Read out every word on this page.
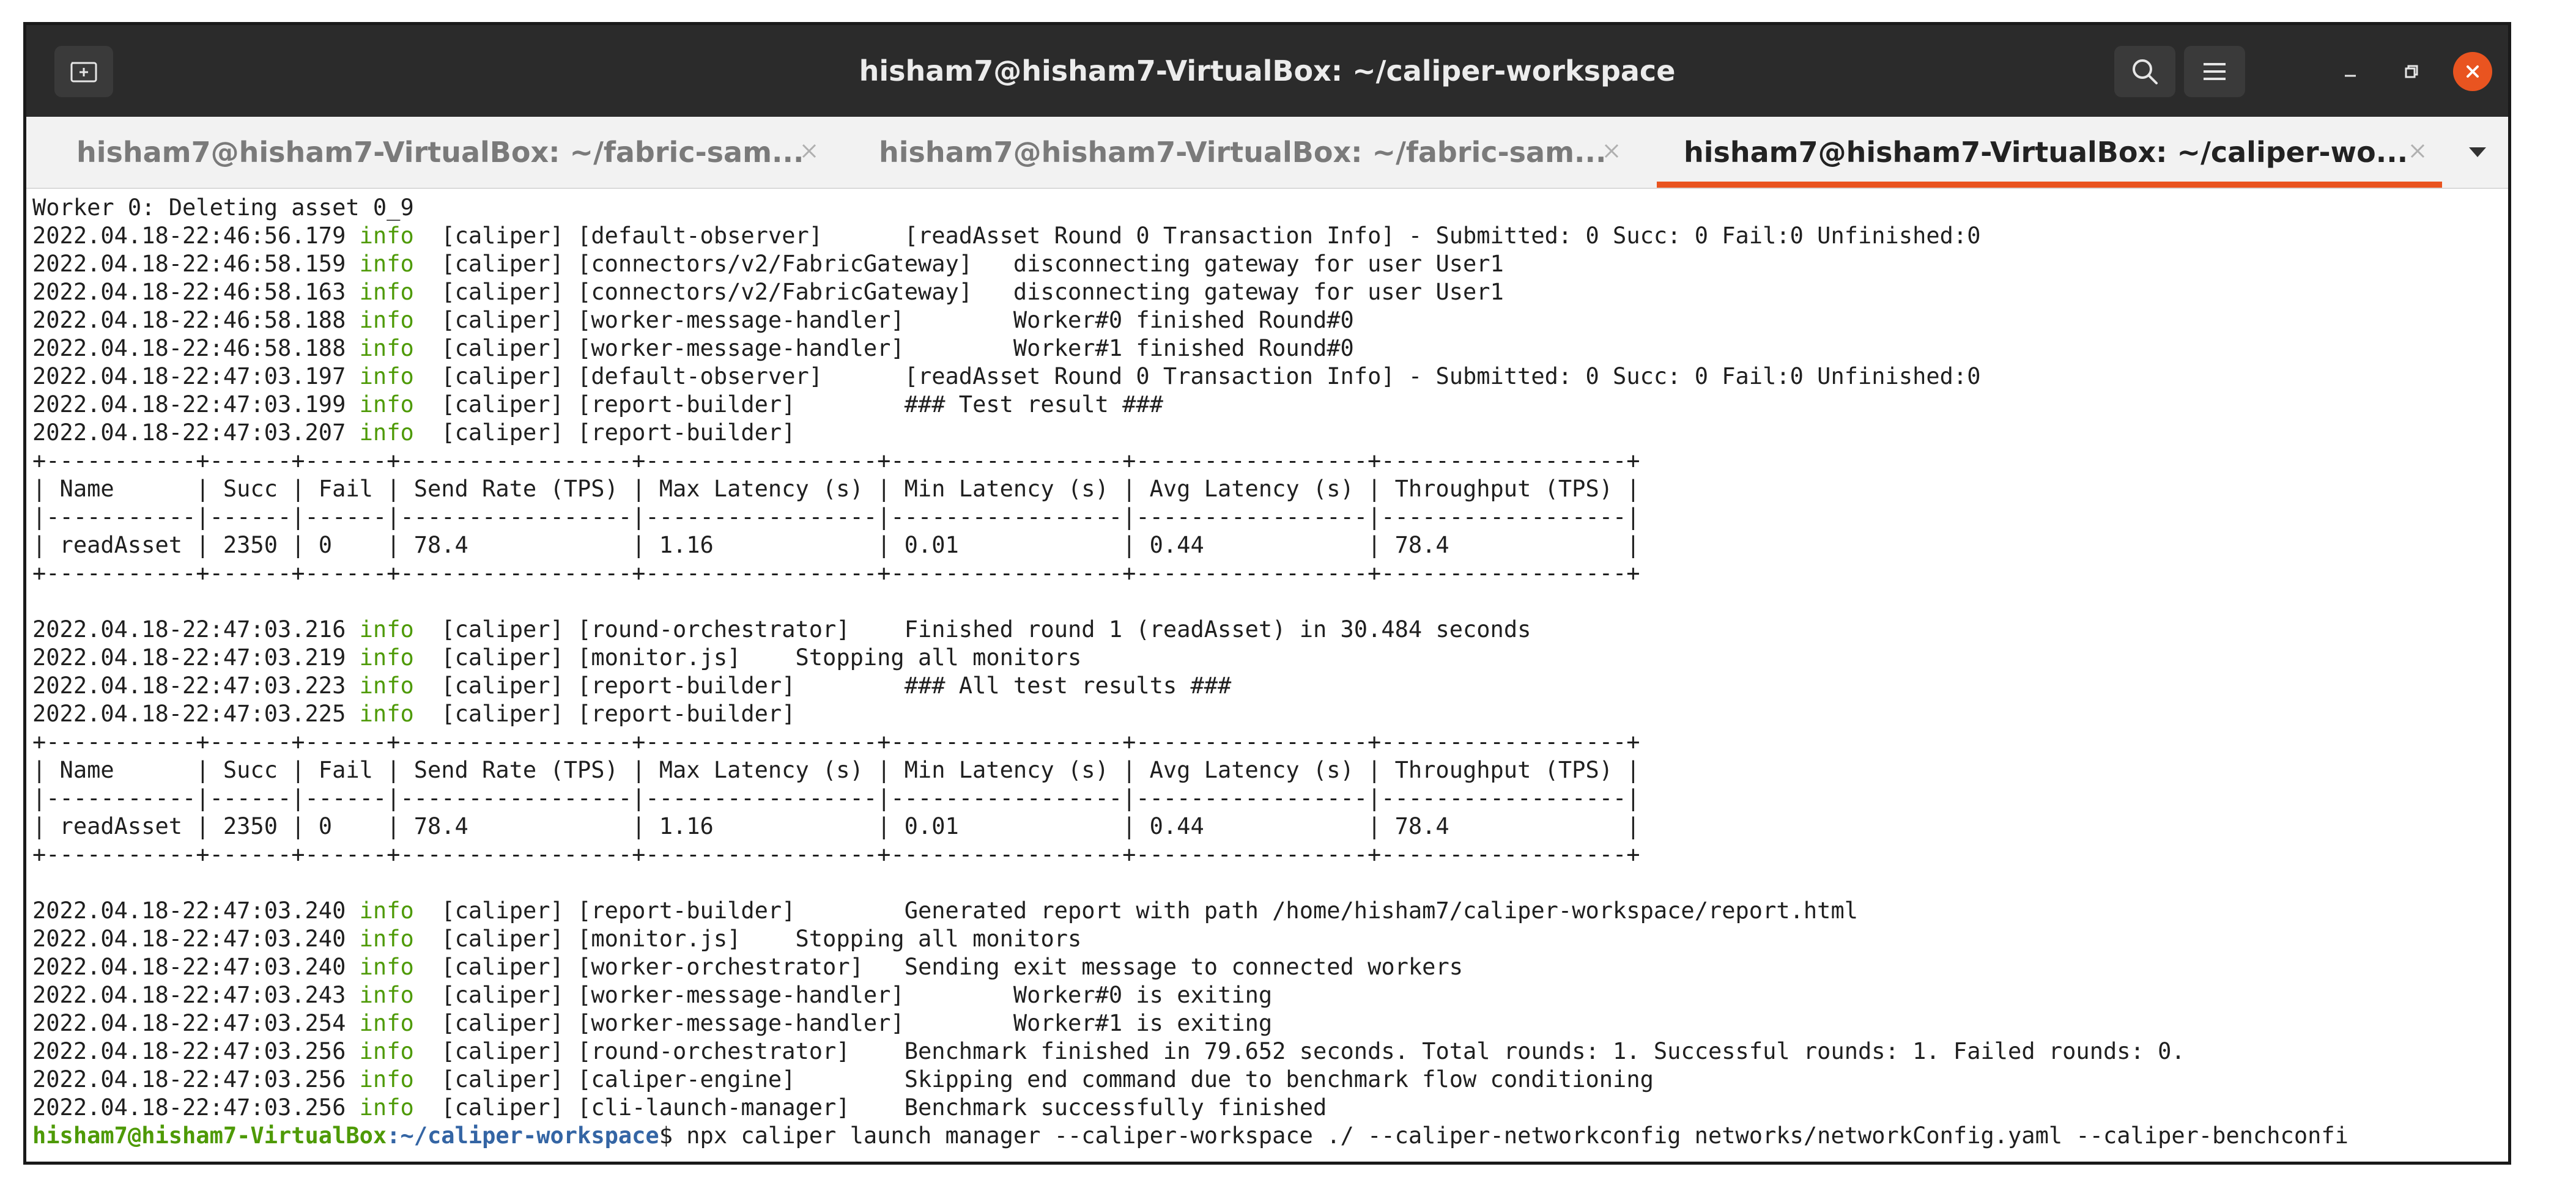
hisham7@hisham7-VirtualBox: ~/caliper-workspace
hisham7@hisham7-VirtualBox: ~/fabric-sam...	hisham7@hisham7-VirtualBox: ~/fabric-sam...	hisham7@hisham7-VirtualBox: ~/caliper-wo...
Worker 0: Deleting asset 0_9
2022.04.18-22:46:56.179 info [caliper] [default-observer]      [readAsset Round 0 Transaction Info] - Submitted: 0 Succ: 0 Fail:0 Unfinished:0
2022.04.18-22:46:58.159 info [caliper] [connectors/v2/FabricGateway]   disconnecting gateway for user User1
2022.04.18-22:46:58.163 info [caliper] [connectors/v2/FabricGateway]   disconnecting gateway for user User1
2022.04.18-22:46:58.188 info [caliper] [worker-message-handler]        Worker#0 finished Round#0
2022.04.18-22:46:58.188 info [caliper] [worker-message-handler]        Worker#1 finished Round#0
2022.04.18-22:47:03.197 info [caliper] [default-observer]      [readAsset Round 0 Transaction Info] - Submitted: 0 Succ: 0 Fail:0 Unfinished:0
2022.04.18-22:47:03.199 info [caliper] [report-builder]        ### Test result ###
2022.04.18-22:47:03.207 info [caliper] [report-builder]
+-----------+------+------+-----------------+-----------------+-----------------+-----------------+------------------+
| Name      | Succ | Fail | Send Rate (TPS) | Max Latency (s) | Min Latency (s) | Avg Latency (s) | Throughput (TPS) |
|-----------|------|------|-----------------|-----------------|-----------------|-----------------|------------------|
| readAsset | 2350 | 0    | 78.4            | 1.16            | 0.01            | 0.44            | 78.4             |
+-----------+------+------+-----------------+-----------------+-----------------+-----------------+------------------+
2022.04.18-22:47:03.216 info [caliper] [round-orchestrator]    Finished round 1 (readAsset) in 30.484 seconds
2022.04.18-22:47:03.219 info [caliper] [monitor.js]    Stopping all monitors
2022.04.18-22:47:03.223 info [caliper] [report-builder]        ### All test results ###
2022.04.18-22:47:03.225 info [caliper] [report-builder]
+-----------+------+------+-----------------+-----------------+-----------------+-----------------+------------------+
| Name      | Succ | Fail | Send Rate (TPS) | Max Latency (s) | Min Latency (s) | Avg Latency (s) | Throughput (TPS) |
|-----------|------|------|-----------------|-----------------|-----------------|-----------------|------------------|
| readAsset | 2350 | 0    | 78.4            | 1.16            | 0.01            | 0.44            | 78.4             |
+-----------+------+------+-----------------+-----------------+-----------------+-----------------+------------------+
2022.04.18-22:47:03.240 info [caliper] [report-builder]        Generated report with path /home/hisham7/caliper-workspace/report.html
2022.04.18-22:47:03.240 info [caliper] [monitor.js]    Stopping all monitors
2022.04.18-22:47:03.240 info [caliper] [worker-orchestrator]   Sending exit message to connected workers
2022.04.18-22:47:03.243 info [caliper] [worker-message-handler]        Worker#0 is exiting
2022.04.18-22:47:03.254 info [caliper] [worker-message-handler]        Worker#1 is exiting
2022.04.18-22:47:03.256 info [caliper] [round-orchestrator]    Benchmark finished in 79.652 seconds. Total rounds: 1. Successful rounds: 1. Failed rounds: 0.
2022.04.18-22:47:03.256 info [caliper] [caliper-engine]        Skipping end command due to benchmark flow conditioning
2022.04.18-22:47:03.256 info [caliper] [cli-launch-manager]    Benchmark successfully finished
hisham7@hisham7-VirtualBox:~/caliper-workspace$ npx caliper launch manager --caliper-workspace ./ --caliper-networkconfig networks/networkConfig.yaml --caliper-benchconfi
